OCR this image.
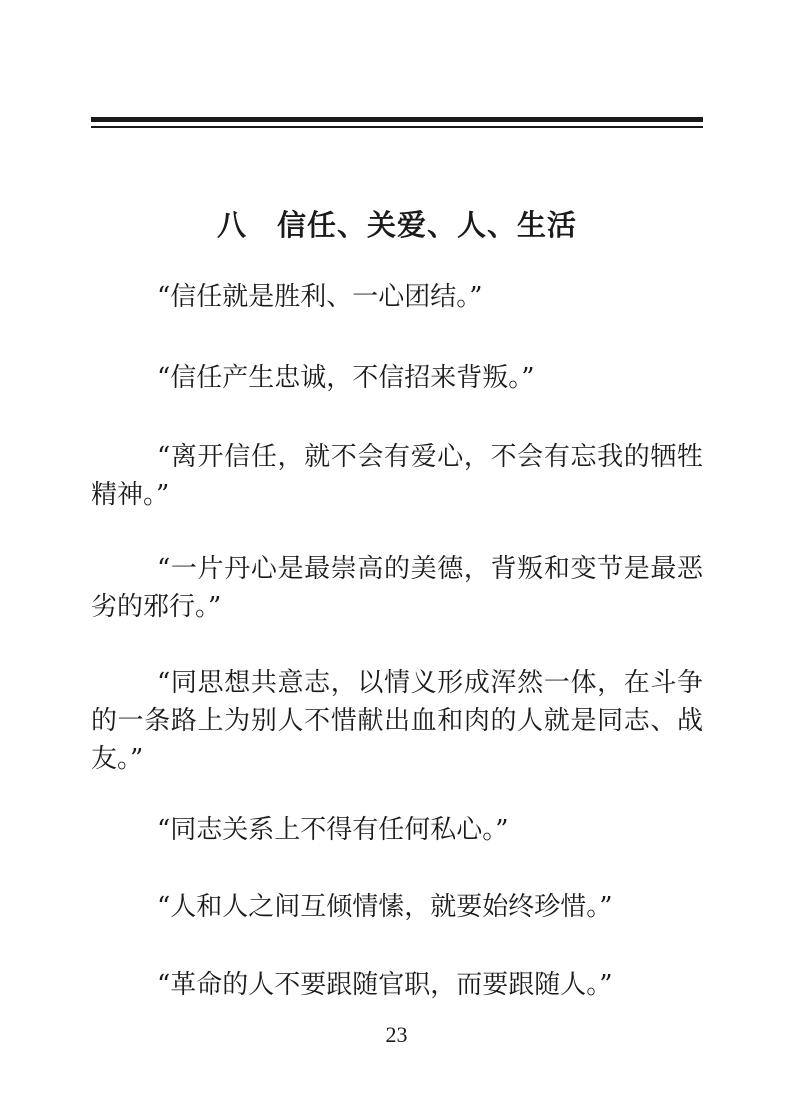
八　信任、关爱、人、生活

“信任就是胜利、一心团结。”

“信任产生忠诚，不信招来背叛。”

“离开信任，就不会有爱心，不会有忘我的牺牲精神。”

“一片丹心是最崇高的美德，背叛和变节是最恶劣的邪行。”

“同思想共意志，以情义形成浑然一体，在斗争的一条路上为别人不惜献出血和肉的人就是同志、战友。”

“同志关系上不得有任何私心。”

“人和人之间互倾情愫，就要始终珍惜。”

“革命的人不要跟随官职，而要跟随人。”

23
